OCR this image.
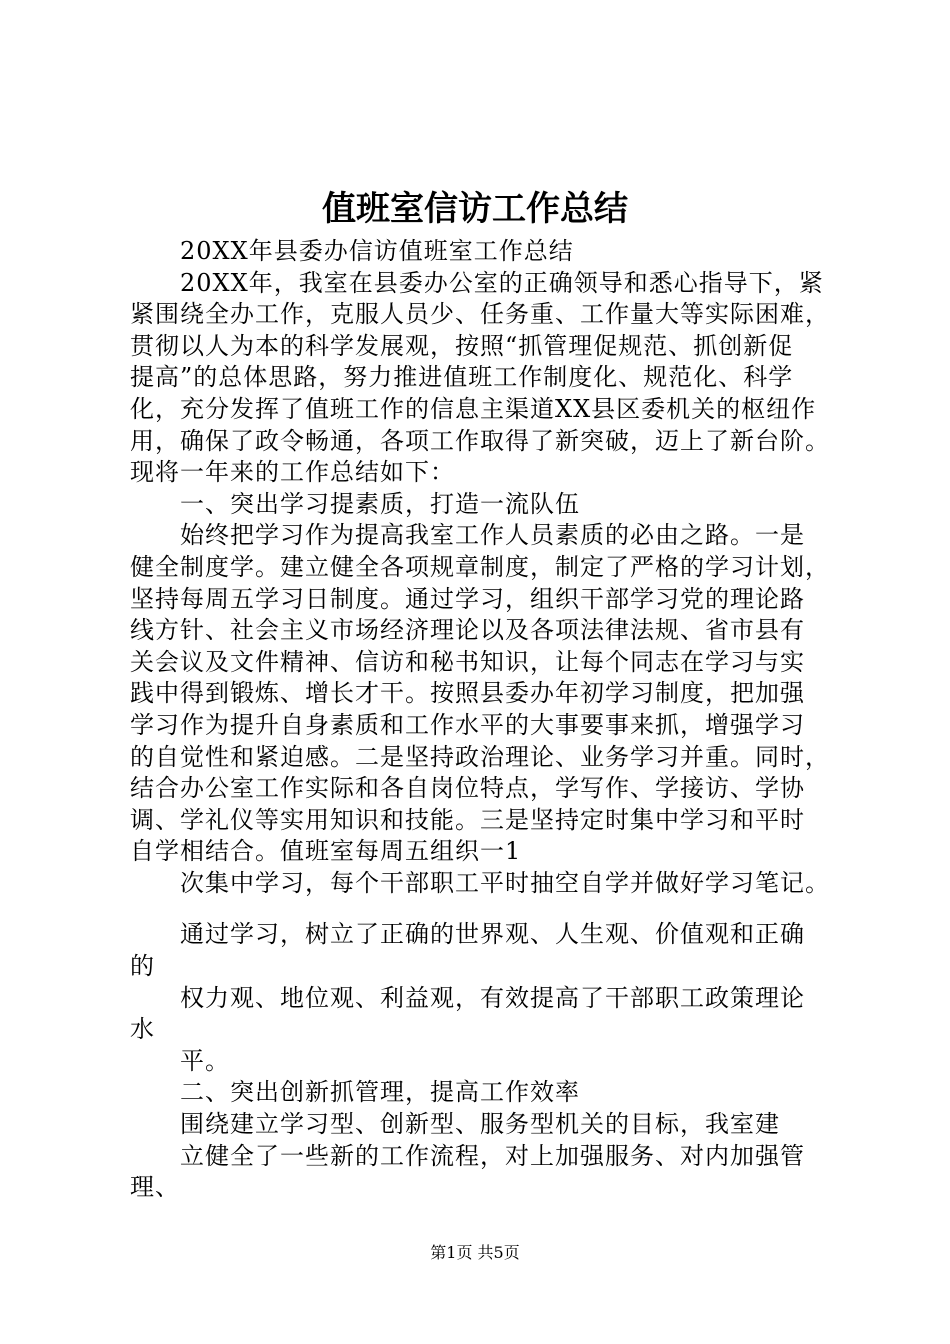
值班室信访工作总结
20XX年县委办信访值班室工作总结
20XX年，我室在县委办公室的正确领导和悉心指导下，紧
紧围绕全办工作，克服人员少、任务重、工作量大等实际困难，
贯彻以人为本的科学发展观，按照“抓管理促规范、抓创新促
提高”的总体思路，努力推进值班工作制度化、规范化、科学
化，充分发挥了值班工作的信息主渠道XX县区委机关的枢纽作
用，确保了政令畅通，各项工作取得了新突破，迈上了新台阶。
现将一年来的工作总结如下：
一、突出学习提素质，打造一流队伍
始终把学习作为提高我室工作人员素质的必由之路。一是
健全制度学。建立健全各项规章制度，制定了严格的学习计划，
坚持每周五学习日制度。通过学习，组织干部学习党的理论路
线方针、社会主义市场经济理论以及各项法律法规、省市县有
关会议及文件精神、信访和秘书知识，让每个同志在学习与实
践中得到锻炼、增长才干。按照县委办年初学习制度，把加强
学习作为提升自身素质和工作水平的大事要事来抓，增强学习
的自觉性和紧迫感。二是坚持政治理论、业务学习并重。同时，
结合办公室工作实际和各自岗位特点，学写作、学接访、学协
调、学礼仪等实用知识和技能。三是坚持定时集中学习和平时
自学相结合。值班室每周五组织一1
次集中学习，每个干部职工平时抽空自学并做好学习笔记。
通过学习，树立了正确的世界观、人生观、价值观和正确
的
权力观、地位观、利益观，有效提高了干部职工政策理论
水
平。
二、突出创新抓管理，提高工作效率
围绕建立学习型、创新型、服务型机关的目标，我室建
立健全了一些新的工作流程，对上加强服务、对内加强管
理、
第1页 共5页
